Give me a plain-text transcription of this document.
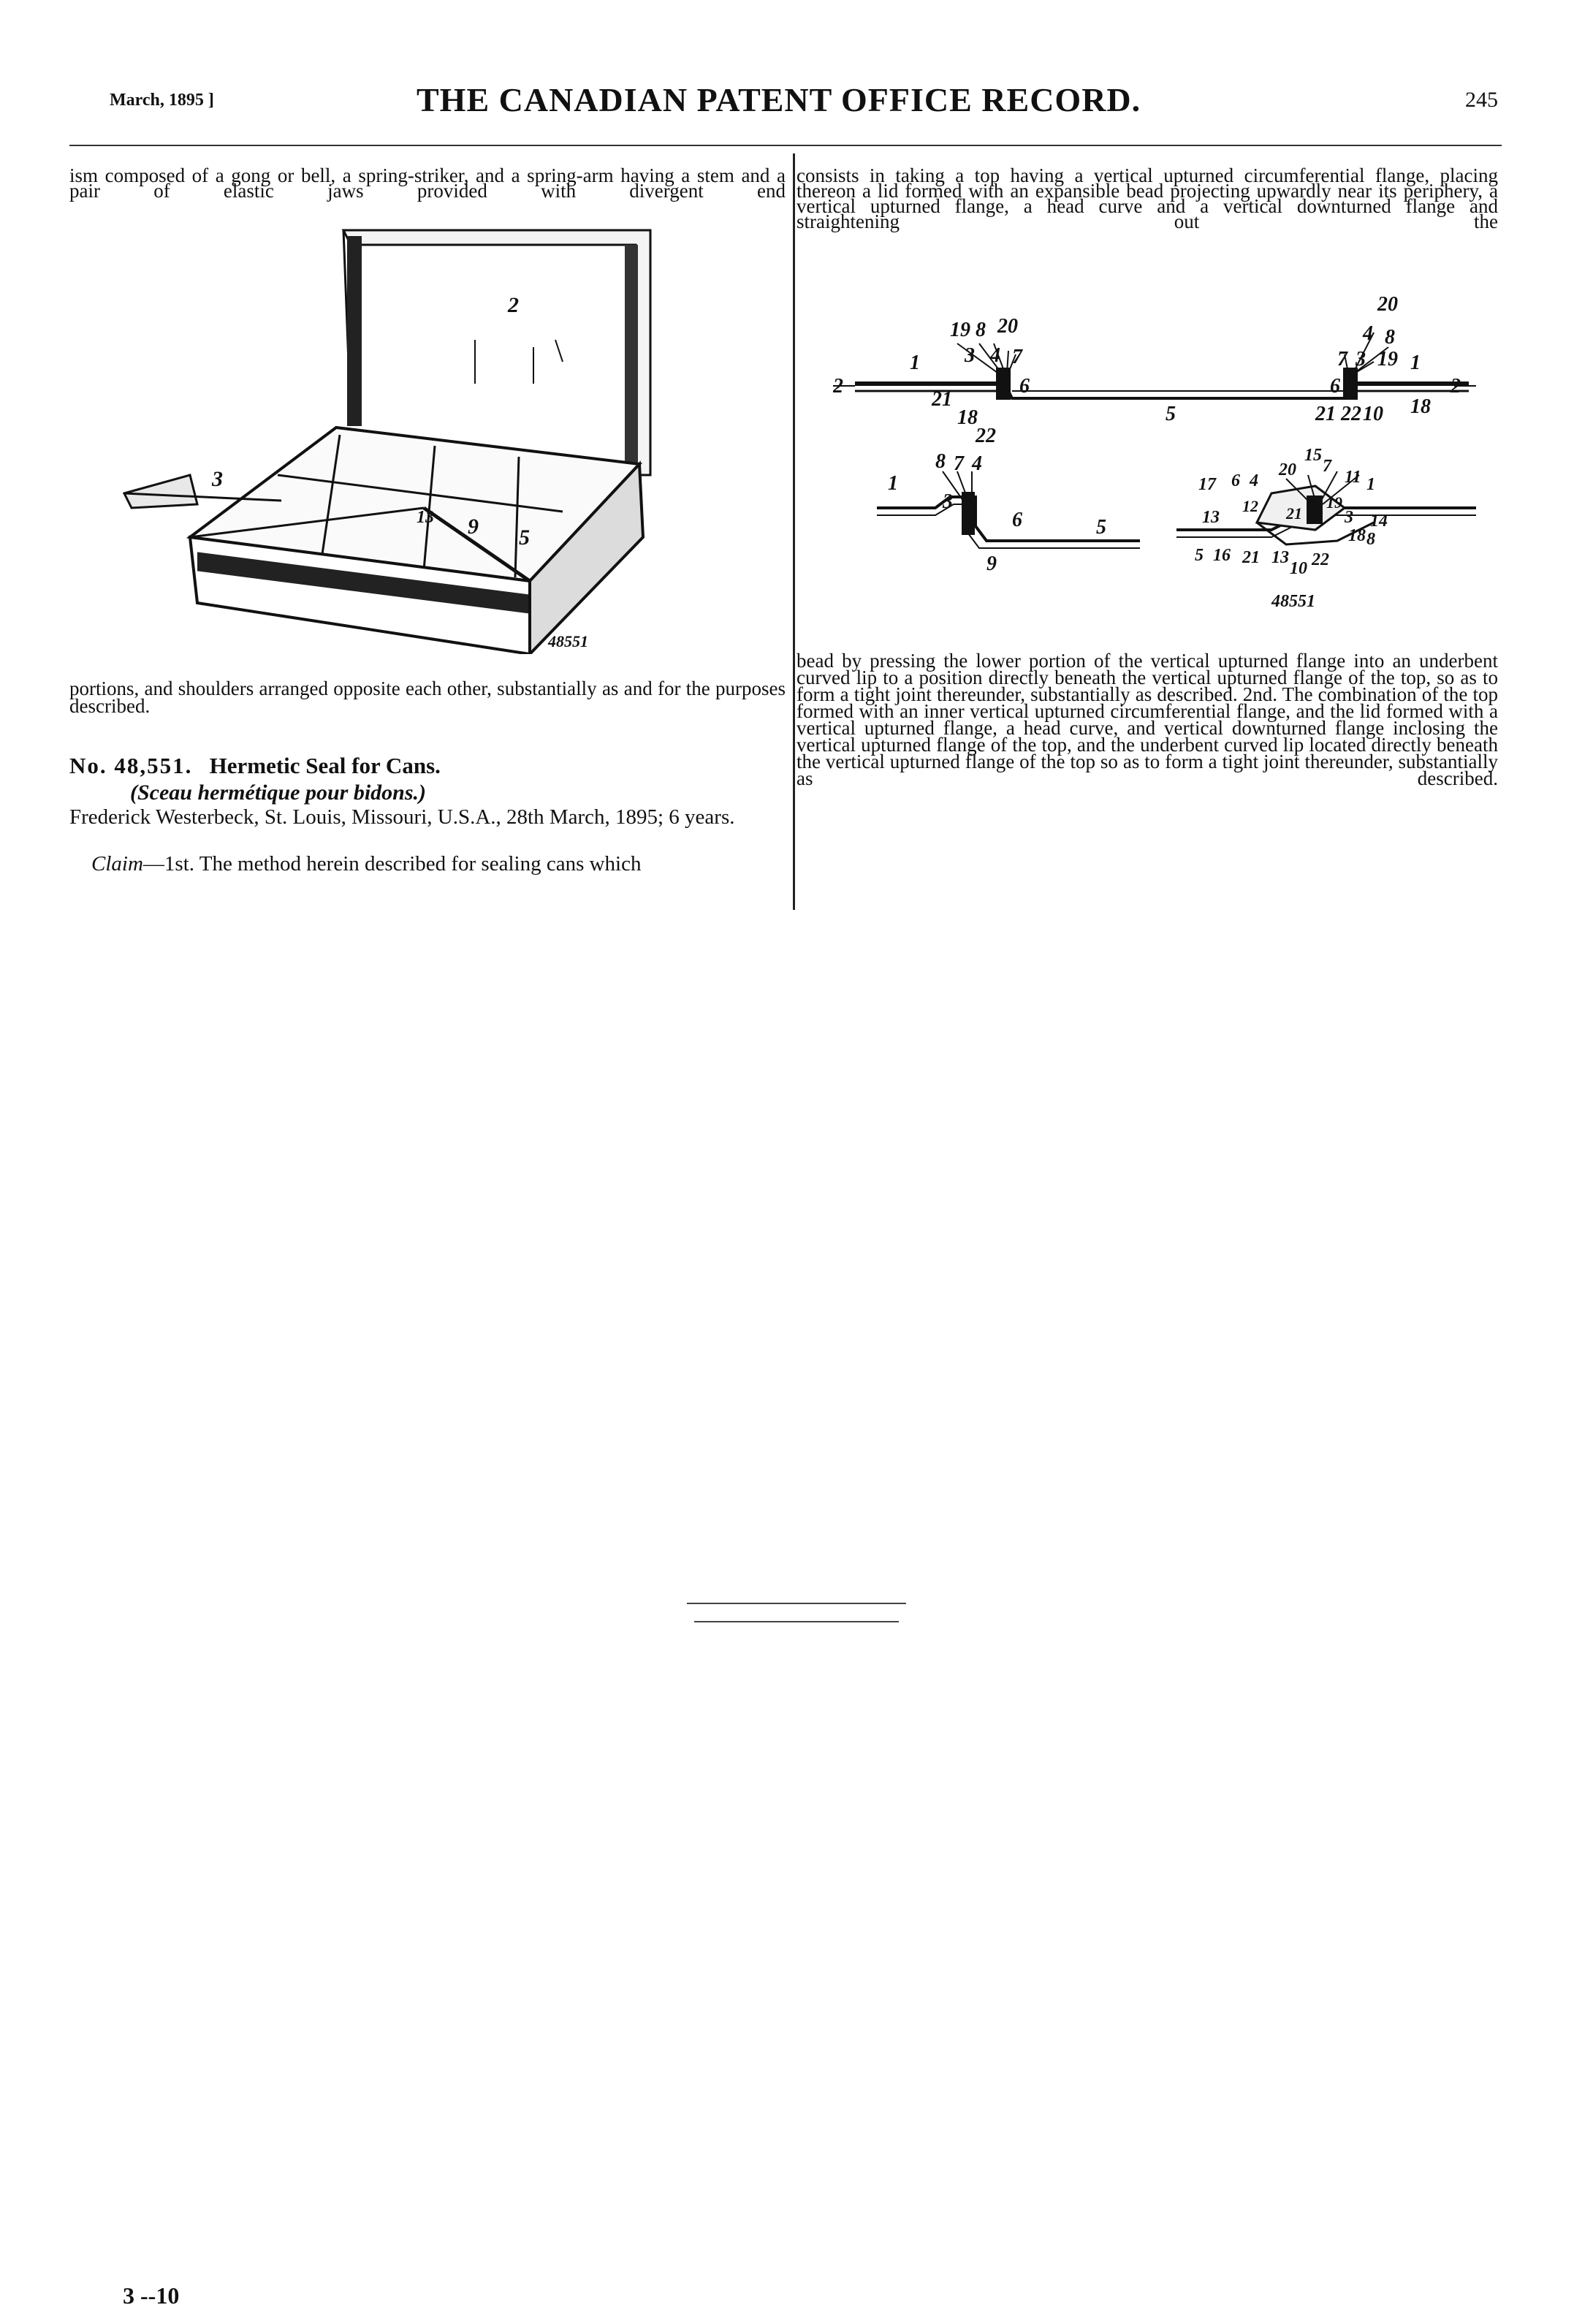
March, 1895 ]	THE CANADIAN PATENT OFFICE RECORD.	245

ism composed of a gong or bell, a spring-striker, and a spring-arm having a stem and a pair of elastic jaws provided with divergent end

2
3
13 9 5
48551

portions, and shoulders arranged opposite each other, substantially as and for the purposes described.

No. 48,551. Hermetic Seal for Cans.

(Sceau hermétique pour bidons.)

Frederick Westerbeck, St. Louis, Missouri, U.S.A., 28th March, 1895; 6 years.

Claim—1st. The method herein described for sealing cans which

consists in taking a top having a vertical upturned circumferential flange, placing thereon a lid formed with an expansible bead projecting upwardly near its periphery, a vertical upturned flange, a head curve and a vertical downturned flange and straightening out the

2
1
19 8 20
3 4 7
21
6
18
22
5
20
4 8
7 3 19 1
6
21 22 10 18
2
1
8 7 4
3
6	5
9
17 6 4
20
15
7
11 1
12 21
19
3 14
13
18 8
5 16 21 13
10 22
48551

bead by pressing the lower portion of the vertical upturned flange into an underbent curved lip to a position directly beneath the vertical upturned flange of the top, so as to form a tight joint thereunder, substantially as described. 2nd. The combination of the top formed with an inner vertical upturned circumferential flange, and the lid formed with a vertical upturned flange, a head curve, and vertical downturned flange inclosing the vertical upturned flange of the top, and the underbent curved lip located directly beneath the vertical upturned flange of the top so as to form a tight joint thereunder, substantially as described.

3 --10
